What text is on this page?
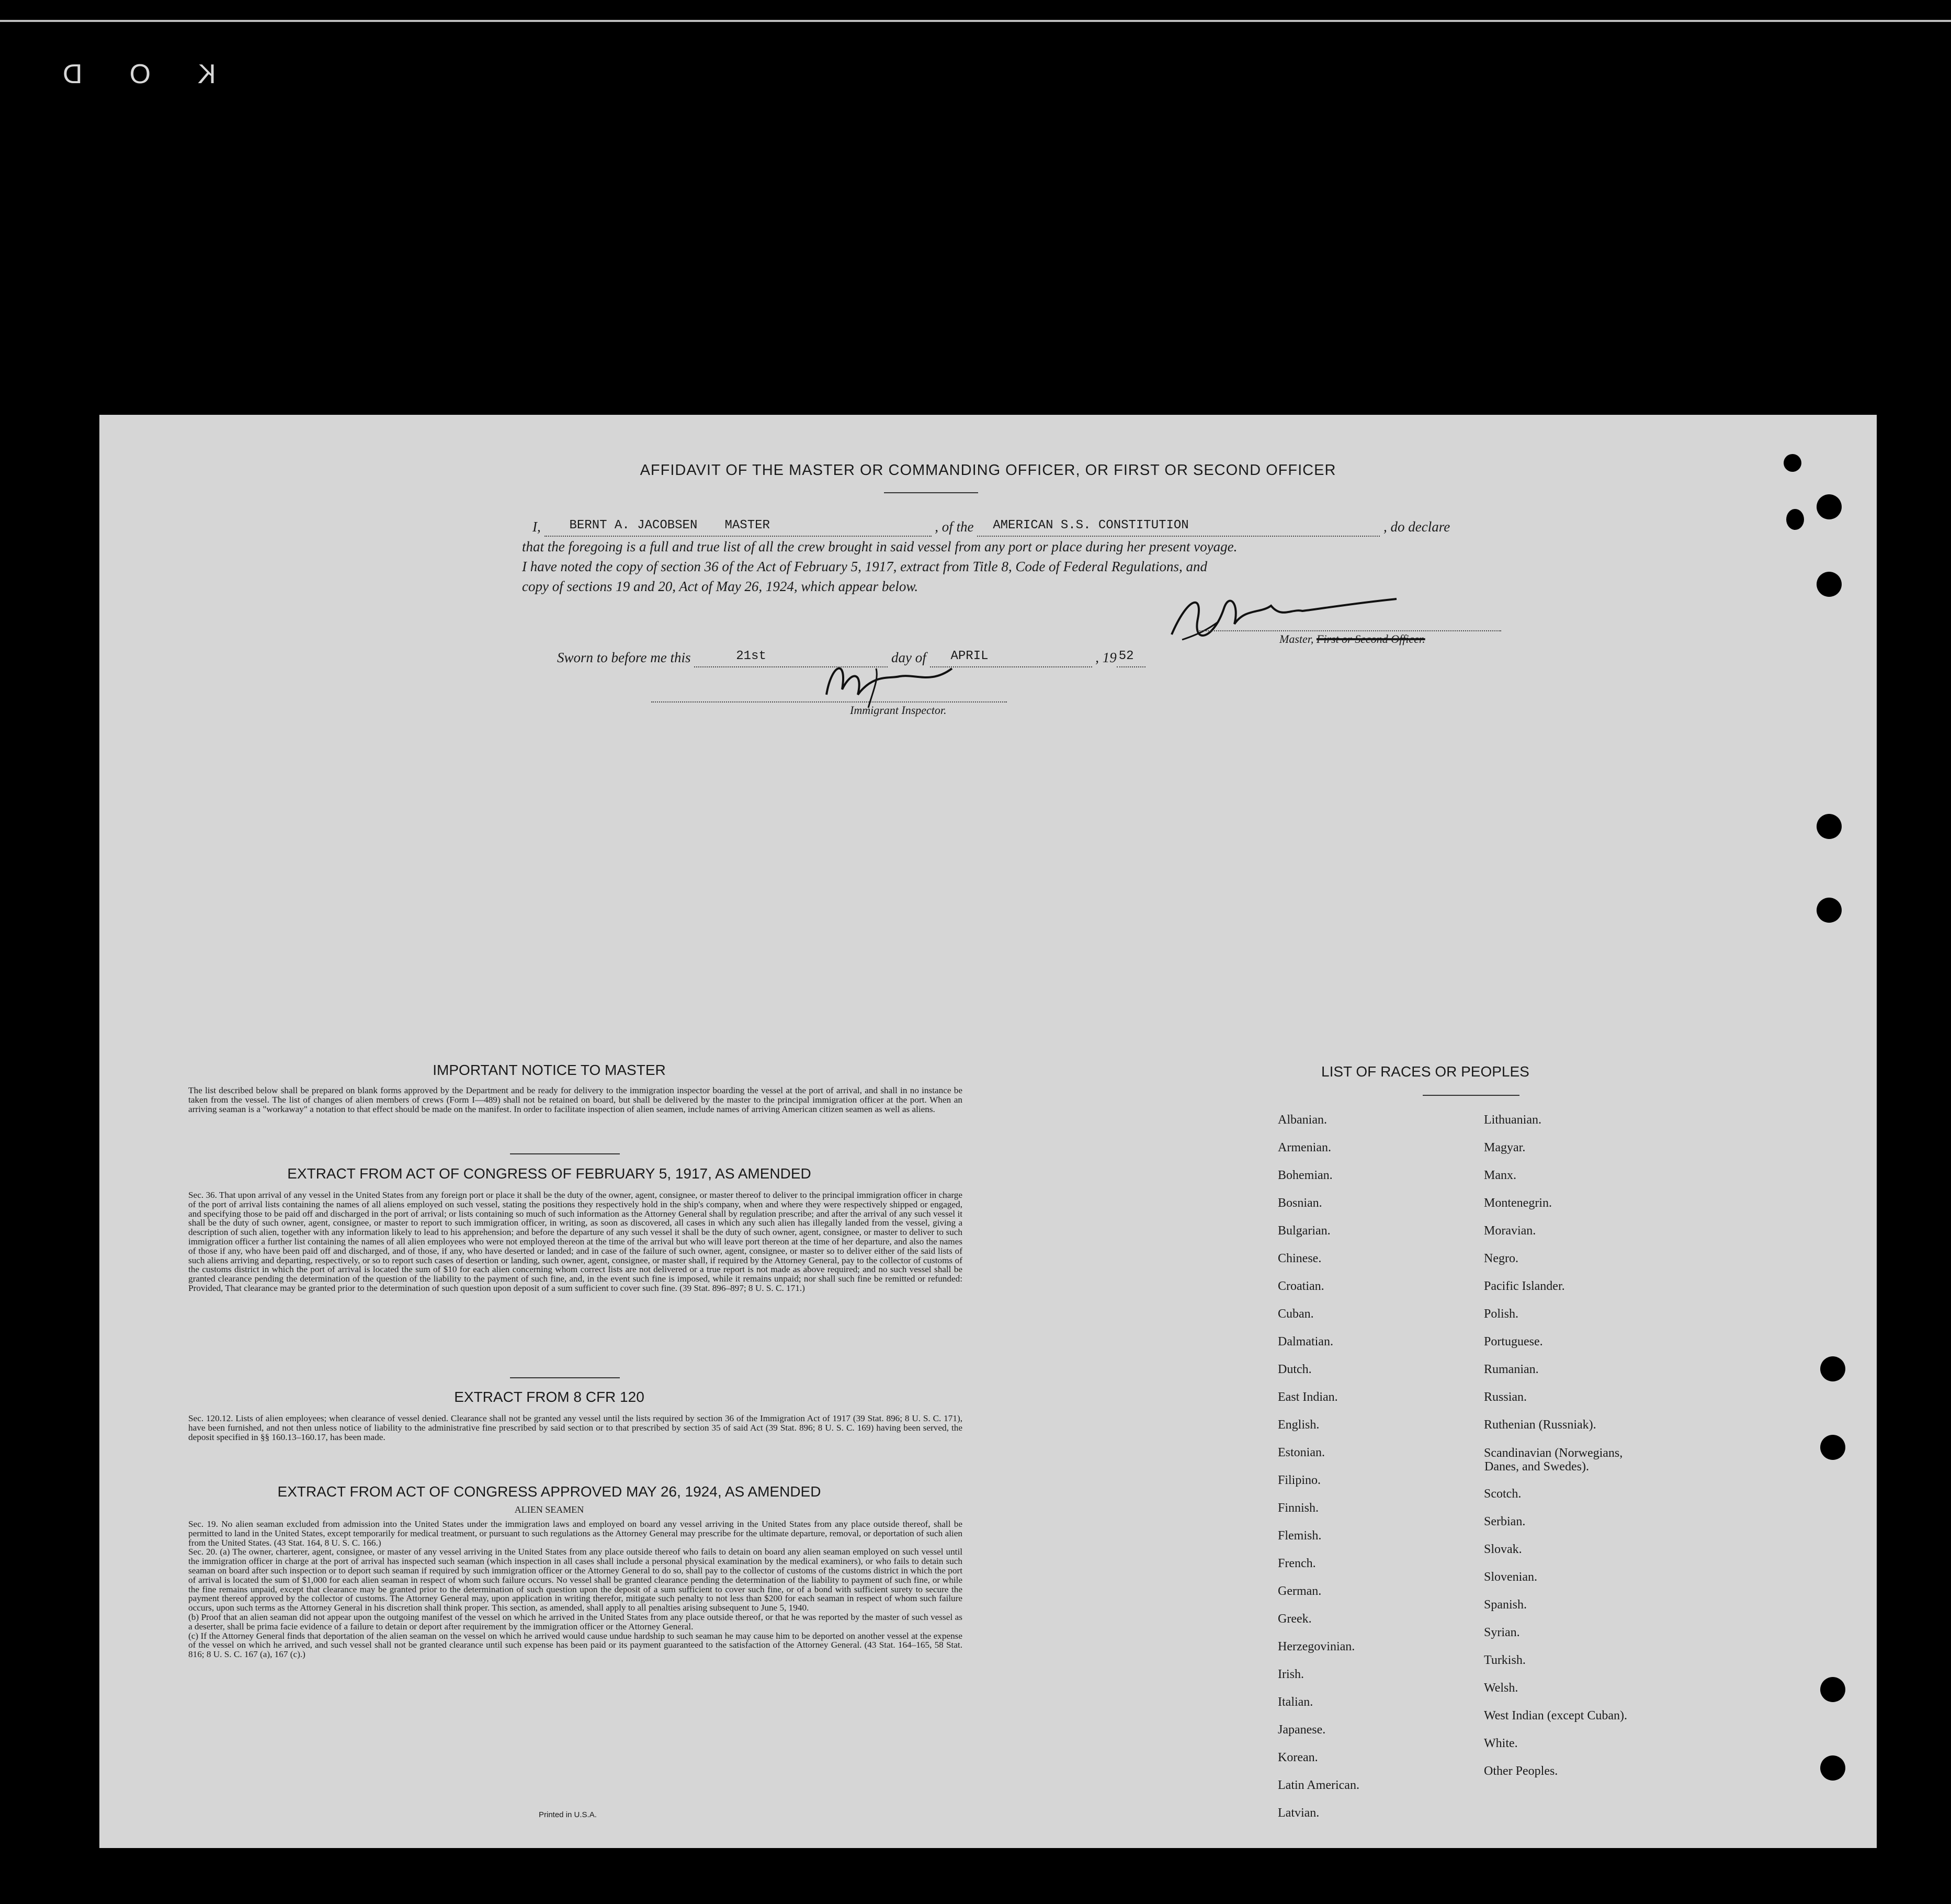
KOD
AFFIDAVIT OF THE MASTER OR COMMANDING OFFICER, OR FIRST OR SECOND OFFICER
I, BERNT A. JACOBSEN MASTER	, of the AMERICAN S.S. CONSTITUTION	, do declare
that the foregoing is a full and true list of all the crew brought in said vessel from any port or place during her present voyage.
I have noted the copy of section 36 of the Act of February 5, 1917, extract from Title 8, Code of Federal Regulations, and
copy of sections 19 and 20, Act of May 26, 1924, which appear below.
Master, First or Second Officer.
Sworn to before me this	21st	day of APRIL	, 19 52
Immigrant Inspector.
IMPORTANT NOTICE TO MASTER
The list described below shall be prepared on blank forms approved by the Department and be ready for delivery to the immigration inspector boarding the vessel at the port of arrival, and shall in no instance be taken from the vessel. The list of changes of alien members of crews (Form I—489) shall not be retained on board, but shall be delivered by the master to the principal immigration officer at the port. When an arriving seaman is a "workaway" a notation to that effect should be made on the manifest. In order to facilitate inspection of alien seamen, include names of arriving American citizen seamen as well as aliens.
EXTRACT FROM ACT OF CONGRESS OF FEBRUARY 5, 1917, AS AMENDED
Sec. 36. That upon arrival of any vessel in the United States from any foreign port or place it shall be the duty of the owner, agent, consignee, or master thereof to deliver to the principal immigration officer in charge of the port of arrival lists containing the names of all aliens employed on such vessel, stating the positions they respectively hold in the ship's company, when and where they were respectively shipped or engaged, and specifying those to be paid off and discharged in the port of arrival; or lists containing so much of such information as the Attorney General shall by regulation prescribe; and after the arrival of any such vessel it shall be the duty of such owner, agent, consignee, or master to report to such immigration officer, in writing, as soon as discovered, all cases in which any such alien has illegally landed from the vessel, giving a description of such alien, together with any information likely to lead to his apprehension; and before the departure of any such vessel it shall be the duty of such owner, agent, consignee, or master to deliver to such immigration officer a further list containing the names of all alien employees who were not employed thereon at the time of the arrival but who will leave port thereon at the time of her departure, and also the names of those if any, who have been paid off and discharged, and of those, if any, who have deserted or landed; and in case of the failure of such owner, agent, consignee, or master so to deliver either of the said lists of such aliens arriving and departing, respectively, or so to report such cases of desertion or landing, such owner, agent, consignee, or master shall, if required by the Attorney General, pay to the collector of customs of the customs district in which the port of arrival is located the sum of $10 for each alien concerning whom correct lists are not delivered or a true report is not made as above required; and no such vessel shall be granted clearance pending the determination of the question of the liability to the payment of such fine, and, in the event such fine is imposed, while it remains unpaid; nor shall such fine be remitted or refunded: Provided, That clearance may be granted prior to the determination of such question upon deposit of a sum sufficient to cover such fine. (39 Stat. 896–897; 8 U. S. C. 171.)
EXTRACT FROM 8 CFR 120
Sec. 120.12. Lists of alien employees; when clearance of vessel denied. Clearance shall not be granted any vessel until the lists required by section 36 of the Immigration Act of 1917 (39 Stat. 896; 8 U. S. C. 171), have been furnished, and not then unless notice of liability to the administrative fine prescribed by said section or to that prescribed by section 35 of said Act (39 Stat. 896; 8 U. S. C. 169) having been served, the deposit specified in §§ 160.13–160.17, has been made.
EXTRACT FROM ACT OF CONGRESS APPROVED MAY 26, 1924, AS AMENDED
ALIEN SEAMEN
Sec. 19. No alien seaman excluded from admission into the United States under the immigration laws and employed on board any vessel arriving in the United States from any place outside thereof, shall be permitted to land in the United States, except temporarily for medical treatment, or pursuant to such regulations as the Attorney General may prescribe for the ultimate departure, removal, or deportation of such alien from the United States. (43 Stat. 164, 8 U. S. C. 166.)
Sec. 20. (a) The owner, charterer, agent, consignee, or master of any vessel arriving in the United States from any place outside thereof who fails to detain on board any alien seaman employed on such vessel until the immigration officer in charge at the port of arrival has inspected such seaman (which inspection in all cases shall include a personal physical examination by the medical examiners), or who fails to detain such seaman on board after such inspection or to deport such seaman if required by such immigration officer or the Attorney General to do so, shall pay to the collector of customs of the customs district in which the port of arrival is located the sum of $1,000 for each alien seaman in respect of whom such failure occurs. No vessel shall be granted clearance pending the determination of the liability to payment of such fine, or while the fine remains unpaid, except that clearance may be granted prior to the determination of such question upon the deposit of a sum sufficient to cover such fine, or of a bond with sufficient surety to secure the payment thereof approved by the collector of customs. The Attorney General may, upon application in writing therefor, mitigate such penalty to not less than $200 for each seaman in respect of whom such failure occurs, upon such terms as the Attorney General in his discretion shall think proper. This section, as amended, shall apply to all penalties arising subsequent to June 5, 1940.
(b) Proof that an alien seaman did not appear upon the outgoing manifest of the vessel on which he arrived in the United States from any place outside thereof, or that he was reported by the master of such vessel as a deserter, shall be prima facie evidence of a failure to detain or deport after requirement by the immigration officer or the Attorney General.
(c) If the Attorney General finds that deportation of the alien seaman on the vessel on which he arrived would cause undue hardship to such seaman he may cause him to be deported on another vessel at the expense of the vessel on which he arrived, and such vessel shall not be granted clearance until such expense has been paid or its payment guaranteed to the satisfaction of the Attorney General. (43 Stat. 164–165, 58 Stat. 816; 8 U. S. C. 167 (a), 167 (c).)
Printed in U.S.A.
LIST OF RACES OR PEOPLES
Albanian.
Armenian.
Bohemian.
Bosnian.
Bulgarian.
Chinese.
Croatian.
Cuban.
Dalmatian.
Dutch.
East Indian.
English.
Estonian.
Filipino.
Finnish.
Flemish.
French.
German.
Greek.
Herzegovinian.
Irish.
Italian.
Japanese.
Korean.
Latin American.
Latvian.
Lithuanian.
Magyar.
Manx.
Montenegrin.
Moravian.
Negro.
Pacific Islander.
Polish.
Portuguese.
Rumanian.
Russian.
Ruthenian (Russniak).
Scandinavian (Norwegians,
Danes, and Swedes).
Scotch.
Serbian.
Slovak.
Slovenian.
Spanish.
Syrian.
Turkish.
Welsh.
West Indian (except Cuban).
White.
Other Peoples.
